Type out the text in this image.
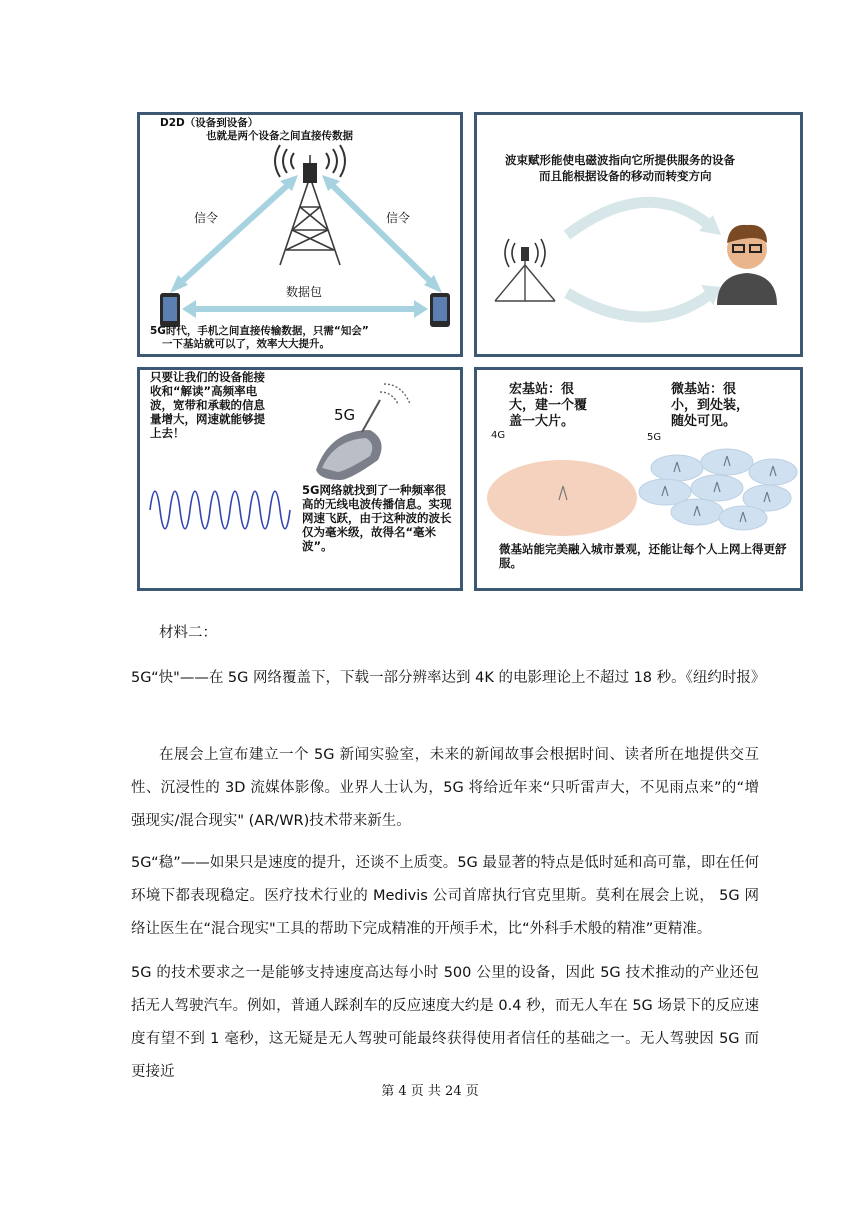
D2D（设备到设备）

也就是两个设备之间直接传数据

信令	信令

数据包

5G时代，手机之间直接传输数据，只需“知会”

一下基站就可以了，效率大大提升。

波束赋形能使电磁波指向它所提供服务的设备

而且能根据设备的移动而转变方向

只要让我们的设备能接收和“解读”高频率电波，宽带和承载的信息量增大，网速就能够提上去！

5G

5G网络就找到了一种频率很高的无线电波传播信息。实现网速飞跃，由于这种波的波长仅为毫米级，故得名“毫米波”。

宏基站：很大，建一个覆盖一大片。

微基站：很小，到处装，随处可见。

4G	5G

微基站能完美融入城市景观，还能让每个人上网上得更舒服。

材料二：

5G“快"——在 5G 网络覆盖下，下载一部分辨率达到 4K 的电影理论上不超过 18 秒。《纽约时报》

在展会上宣布建立一个 5G 新闻实验室，未来的新闻故事会根据时间、读者所在地提供交互性、沉浸性的 3D 流媒体影像。业界人士认为，5G 将给近年来“只听雷声大，不见雨点来”的“增强现实/混合现实" (AR/WR)技术带来新生。

5G“稳”——如果只是速度的提升，还谈不上质变。5G 最显著的特点是低时延和高可靠，即在任何环境下都表现稳定。医疗技术行业的 Medivis 公司首席执行官克里斯。莫利在展会上说， 5G 网络让医生在“混合现实"工具的帮助下完成精准的开颅手术，比“外科手术般的精准”更精准。

5G 的技术要求之一是能够支持速度高达每小时 500 公里的设备，因此 5G 技术推动的产业还包括无人驾驶汽车。例如，普通人踩刹车的反应速度大约是 0.4 秒，而无人车在 5G 场景下的反应速度有望不到 1 毫秒，这无疑是无人驾驶可能最终获得使用者信任的基础之一。无人驾驶因 5G 而更接近

第 4 页 共 24 页
